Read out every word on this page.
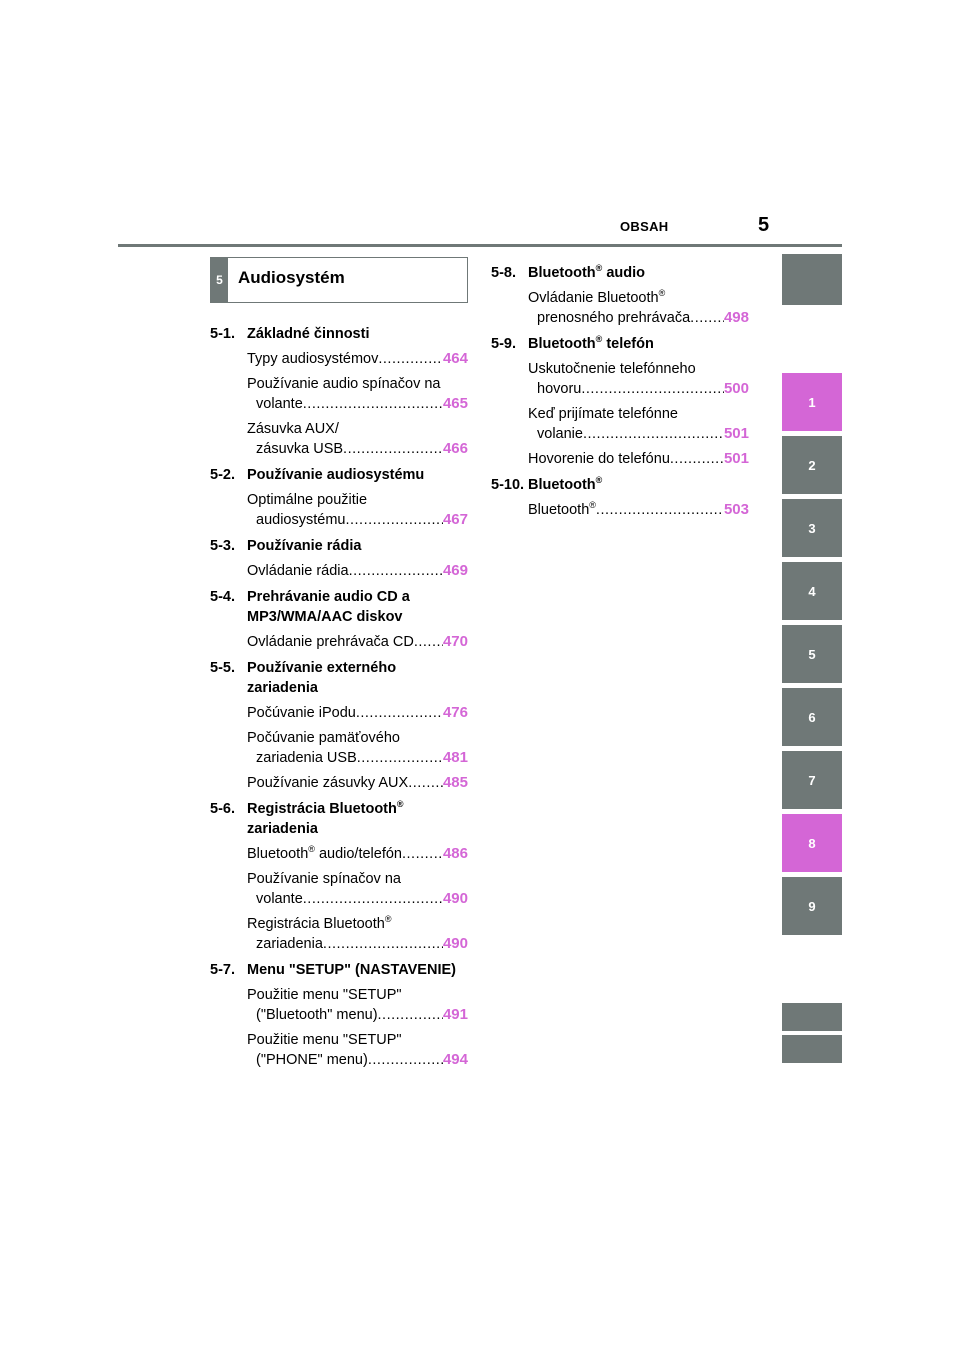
OBSAH	5
1
2
3
4
5
6
7
8
9
5 Audiosystém
5-1. Základné činnosti
Typy audiosystémov .....	464
Používanie audio spínačov na
volante .....	465
Zásuvka AUX/
zásuvka USB .....	466
5-2. Používanie audiosystému
Optimálne použitie
audiosystému .....	467
5-3. Používanie rádia
Ovládanie rádia .....	469
5-4. Prehrávanie audio CD a MP3/WMA/AAC diskov
Ovládanie prehrávača CD ..... 470
5-5. Používanie externého zariadenia
Počúvanie iPodu .....	476
Počúvanie pamäťového
zariadenia USB .....	481
Používanie zásuvky AUX ..... 485
5-6. Registrácia Bluetooth® zariadenia
Bluetooth® audio/telefón .....	486
Používanie spínačov na
volante .....	490
Registrácia Bluetooth®
zariadenia .....	490
5-7. Menu "SETUP" (NASTAVENIE)
Použitie menu "SETUP"
("Bluetooth" menu) .....	491
Použitie menu "SETUP"
("PHONE" menu) .....	494
5-8. Bluetooth® audio
Ovládanie Bluetooth®
prenosného prehrávača ..... 498
5-9. Bluetooth® telefón
Uskutočnenie telefónneho
hovoru .....	500
Keď prijímate telefónne
volanie .....	501
Hovorenie do telefónu .....	501
5-10. Bluetooth®
Bluetooth® .....	503
